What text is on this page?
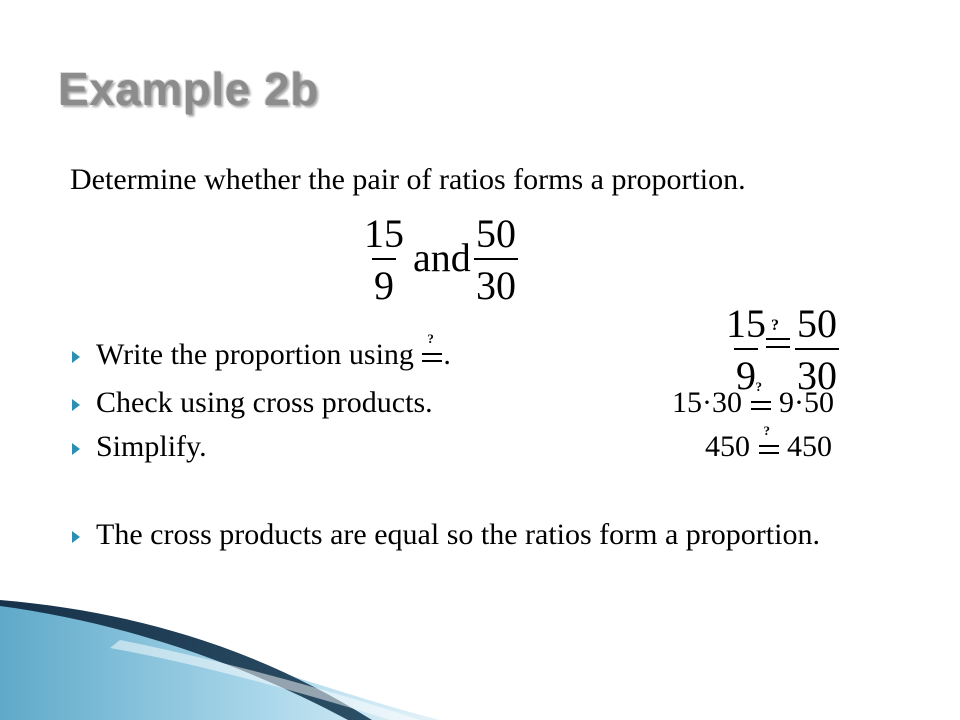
Example 2b
Determine whether the pair of ratios forms a proportion.
$\frac{15}{9}$ and $\frac{50}{30}$
$\frac{15}{9}$ ? $\frac{50}{30}$
Write the proportion using ? .
Check using cross products.	15·30 ? 9·50
Simplify.	450 ? 450
The cross products are equal so the ratios form a proportion.
